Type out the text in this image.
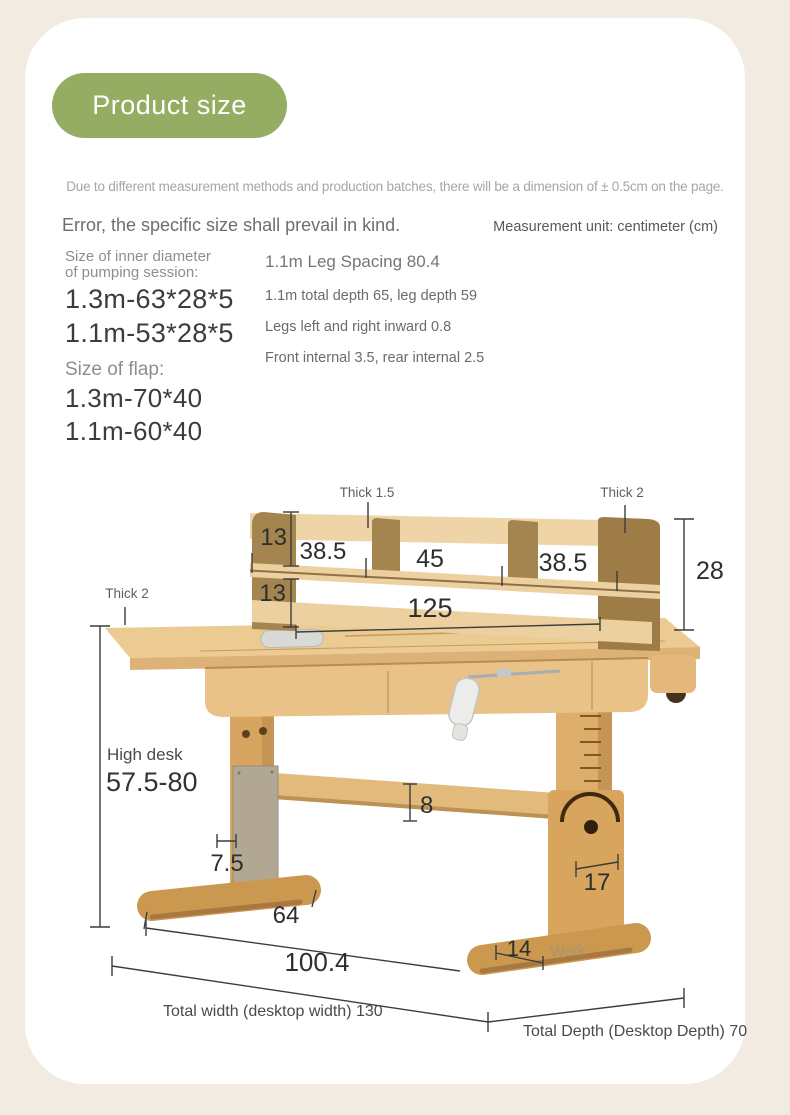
Product size
Due to different measurement methods and production batches, there will be a dimension of ± 0.5cm on the page.
Error, the specific size shall prevail in kind.	Measurement unit: centimeter (cm)
Size of inner diameter
of pumping session:
1.3m-63*28*5
1.1m-53*28*5
Size of flap:
1.3m-70*40
1.1m-60*40
1.1m Leg Spacing 80.4
1.1m total depth 65, leg depth 59
Legs left and right inward 0.8
Front internal 3.5, rear internal 2.5
Thick 1.5	Thick 2
Thick 2
13
13
38.5	45	38.5
125
28
High desk
57.5-80
7.5
8
17
64
14
100.4
Total width (desktop width) 130
Total Depth (Desktop Depth) 70
Work
